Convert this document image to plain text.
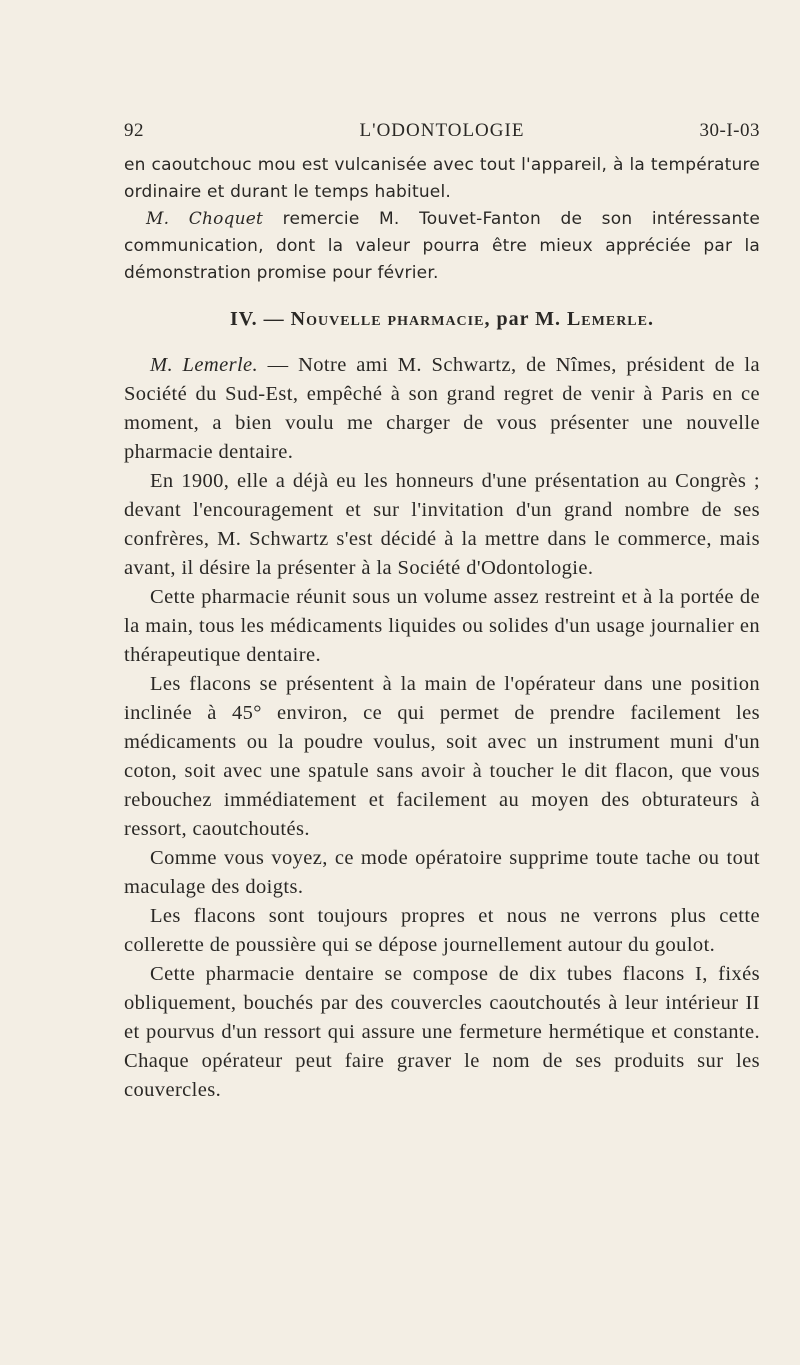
92	L'ODONTOLOGIE	30-I-03

en caoutchouc mou est vulcanisée avec tout l'appareil, à la température ordinaire et durant le temps habituel.

M. Choquet remercie M. Touvet-Fanton de son intéressante communication, dont la valeur pourra être mieux appréciée par la démonstration promise pour février.

IV. — Nouvelle pharmacie, par M. Lemerle.

M. Lemerle. — Notre ami M. Schwartz, de Nîmes, président de la Société du Sud-Est, empêché à son grand regret de venir à Paris en ce moment, a bien voulu me charger de vous présenter une nouvelle pharmacie dentaire.

En 1900, elle a déjà eu les honneurs d'une présentation au Congrès ; devant l'encouragement et sur l'invitation d'un grand nombre de ses confrères, M. Schwartz s'est décidé à la mettre dans le commerce, mais avant, il désire la présenter à la Société d'Odontologie.

Cette pharmacie réunit sous un volume assez restreint et à la portée de la main, tous les médicaments liquides ou solides d'un usage journalier en thérapeutique dentaire.

Les flacons se présentent à la main de l'opérateur dans une position inclinée à 45° environ, ce qui permet de prendre facilement les médicaments ou la poudre voulus, soit avec un instrument muni d'un coton, soit avec une spatule sans avoir à toucher le dit flacon, que vous rebouchez immédiatement et facilement au moyen des obturateurs à ressort, caoutchoutés.

Comme vous voyez, ce mode opératoire supprime toute tache ou tout maculage des doigts.

Les flacons sont toujours propres et nous ne verrons plus cette collerette de poussière qui se dépose journellement autour du goulot.

Cette pharmacie dentaire se compose de dix tubes flacons I, fixés obliquement, bouchés par des couvercles caoutchoutés à leur intérieur II et pourvus d'un ressort qui assure une fermeture hermétique et constante. Chaque opérateur peut faire graver le nom de ses produits sur les couvercles.
